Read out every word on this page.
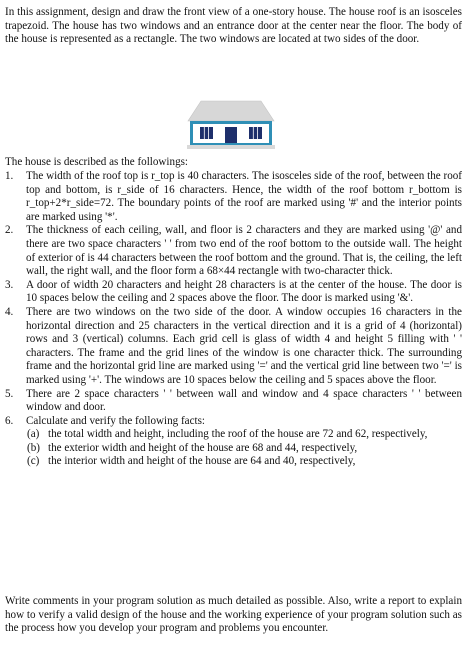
In this assignment, design and draw the front view of a one-story house. The house roof is an isosceles trapezoid. The house has two windows and an entrance door at the center near the floor. The body of the house is represented as a rectangle. The two windows are located at two sides of the door.

The house is described as the followings:

1.	The width of the roof top is r_top is 40 characters. The isosceles side of the roof, between the roof top and bottom, is r_side of 16 characters. Hence, the width of the roof bottom r_bottom is r_top+2*r_side=72. The boundary points of the roof are marked using '#' and the interior points are marked using '*'.
2.	The thickness of each ceiling, wall, and floor is 2 characters and they are marked using '@' and there are two space characters ' ' from two end of the roof bottom to the outside wall. The height of exterior of is 44 characters between the roof bottom and the ground. That is, the ceiling, the left wall, the right wall, and the floor form a 68×44 rectangle with two-character thick.
3.	A door of width 20 characters and height 28 characters is at the center of the house. The door is 10 spaces below the ceiling and 2 spaces above the floor. The door is marked using '&'.
4.	There are two windows on the two side of the door. A window occupies 16 characters in the horizontal direction and 25 characters in the vertical direction and it is a grid of 4 (horizontal) rows and 3 (vertical) columns. Each grid cell is glass of width 4 and height 5 filling with ' ' characters. The frame and the grid lines of the window is one character thick. The surrounding frame and the horizontal grid line are marked using '=' and the vertical grid line between two '=' is marked using '+'. The windows are 10 spaces below the ceiling and 5 spaces above the floor.
5.	There are 2 space characters ' ' between wall and window and 4 space characters ' ' between window and door.
6.	Calculate and verify the following facts:
(a) the total width and height, including the roof of the house are 72 and 62, respectively,
(b) the exterior width and height of the house are 68 and 44, respectively,
(c) the interior width and height of the house are 64 and 40, respectively,

Write comments in your program solution as much detailed as possible. Also, write a report to explain how to verify a valid design of the house and the working experience of your program solution such as the process how you develop your program and problems you encounter.
